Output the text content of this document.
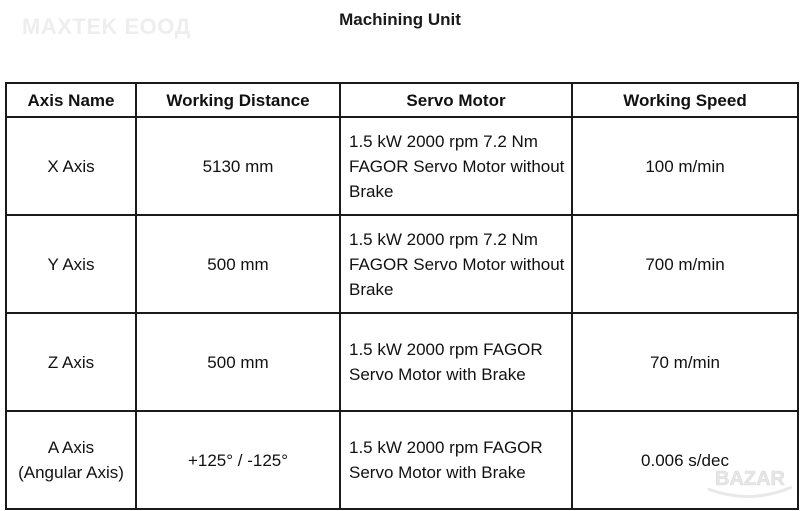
MAXTEK ЕООД	Machining Unit
Axis Name	Working Distance	Servo Motor	Working Speed

X Axis	5130 mm	1.5 kW 2000 rpm 7.2 Nm FAGOR Servo Motor without Brake	100 m/min

Y Axis	500 mm	1.5 kW 2000 rpm 7.2 Nm FAGOR Servo Motor without Brake	700 m/min

Z Axis	500 mm	1.5 kW 2000 rpm FAGOR Servo Motor with Brake	70 m/min

A Axis
(Angular Axis)	+125° / -125°	1.5 kW 2000 rpm FAGOR Servo Motor with Brake	0.006 s/dec
BAZAR
